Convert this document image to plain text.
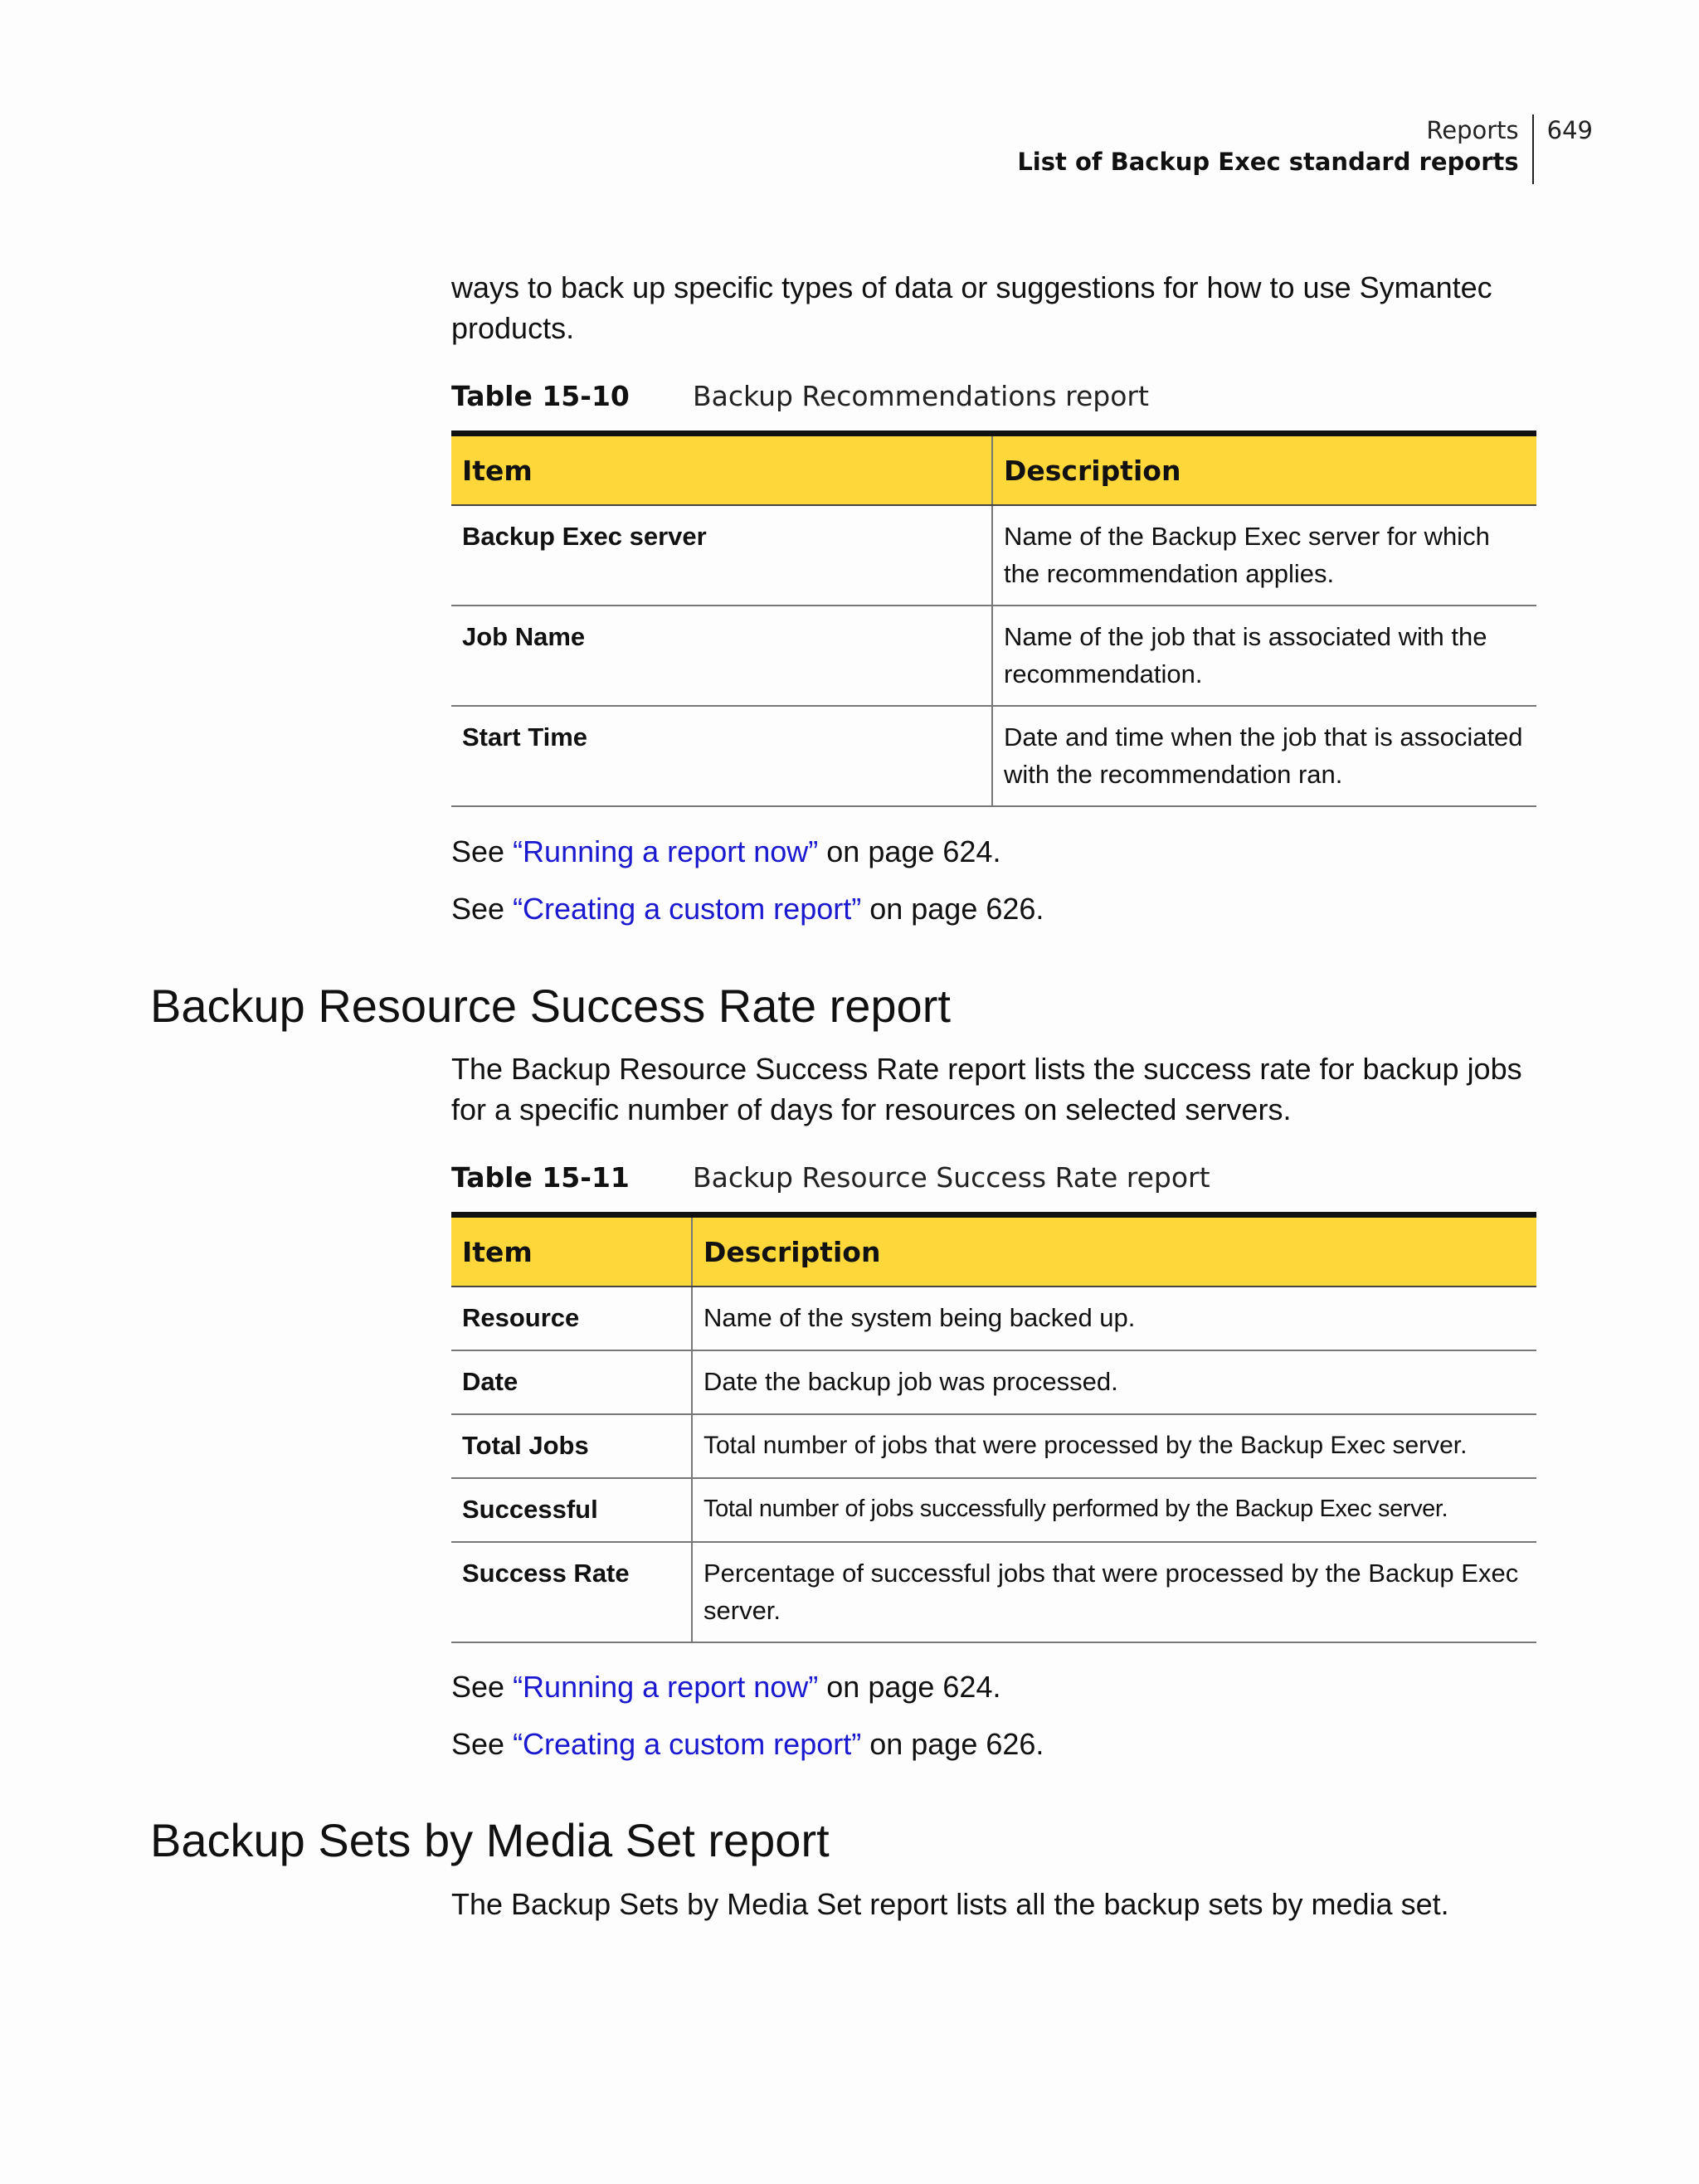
Reports
List of Backup Exec standard reports
649

ways to back up specific types of data or suggestions for how to use Symantec products.

Table 15-10 Backup Recommendations report
Item	Description
Backup Exec server	Name of the Backup Exec server for which the recommendation applies.
Job Name	Name of the job that is associated with the recommendation.
Start Time	Date and time when the job that is associated with the recommendation ran.

See “Running a report now” on page 624.

See “Creating a custom report” on page 626.

Backup Resource Success Rate report

The Backup Resource Success Rate report lists the success rate for backup jobs for a specific number of days for resources on selected servers.

Table 15-11 Backup Resource Success Rate report
Item	Description
Resource	Name of the system being backed up.
Date	Date the backup job was processed.
Total Jobs	Total number of jobs that were processed by the Backup Exec server.
Successful	Total number of jobs successfully performed by the Backup Exec server.
Success Rate	Percentage of successful jobs that were processed by the Backup Exec server.

See “Running a report now” on page 624.

See “Creating a custom report” on page 626.

Backup Sets by Media Set report

The Backup Sets by Media Set report lists all the backup sets by media set.
